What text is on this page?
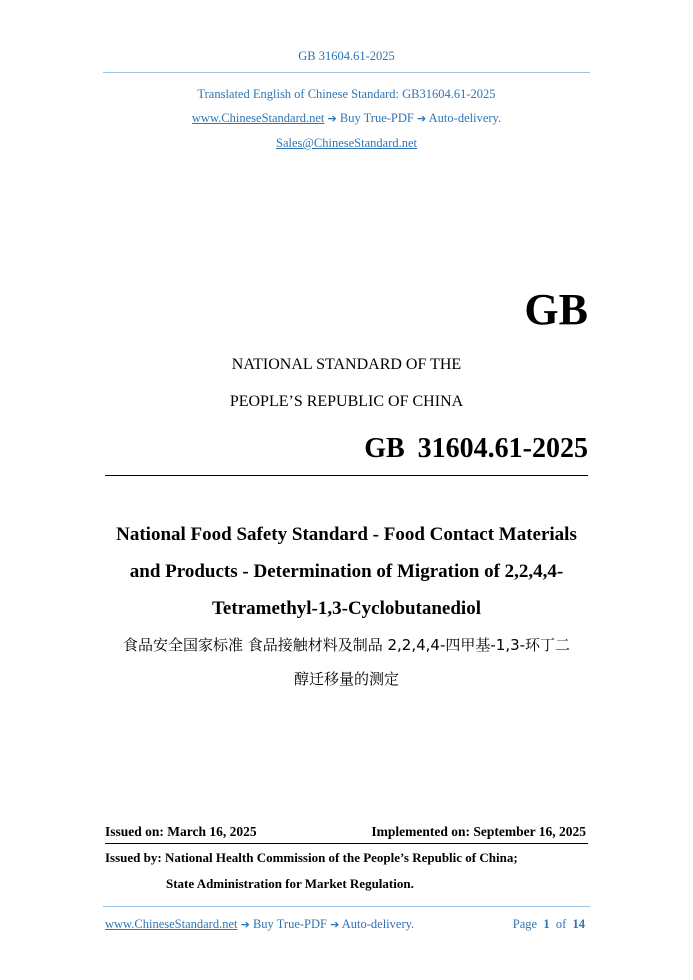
GB 31604.61-2025
Translated English of Chinese Standard: GB31604.61-2025
www.ChineseStandard.net ➔ Buy True-PDF ➔ Auto-delivery.
Sales@ChineseStandard.net
GB
NATIONAL STANDARD OF THE
PEOPLE’S REPUBLIC OF CHINA
GB 31604.61-2025
National Food Safety Standard - Food Contact Materials
and Products - Determination of Migration of 2,2,4,4-
Tetramethyl-1,3-Cyclobutanediol
食品安全国家标准 食品接触材料及制品 2,2,4,4-四甲基-1,3-环丁二
醇迁移量的测定
Issued on: March 16, 2025	Implemented on: September 16, 2025
Issued by: National Health Commission of the People’s Republic of China;
State Administration for Market Regulation.
www.ChineseStandard.net ➔ Buy True-PDF ➔ Auto-delivery.	Page 1 of 14
